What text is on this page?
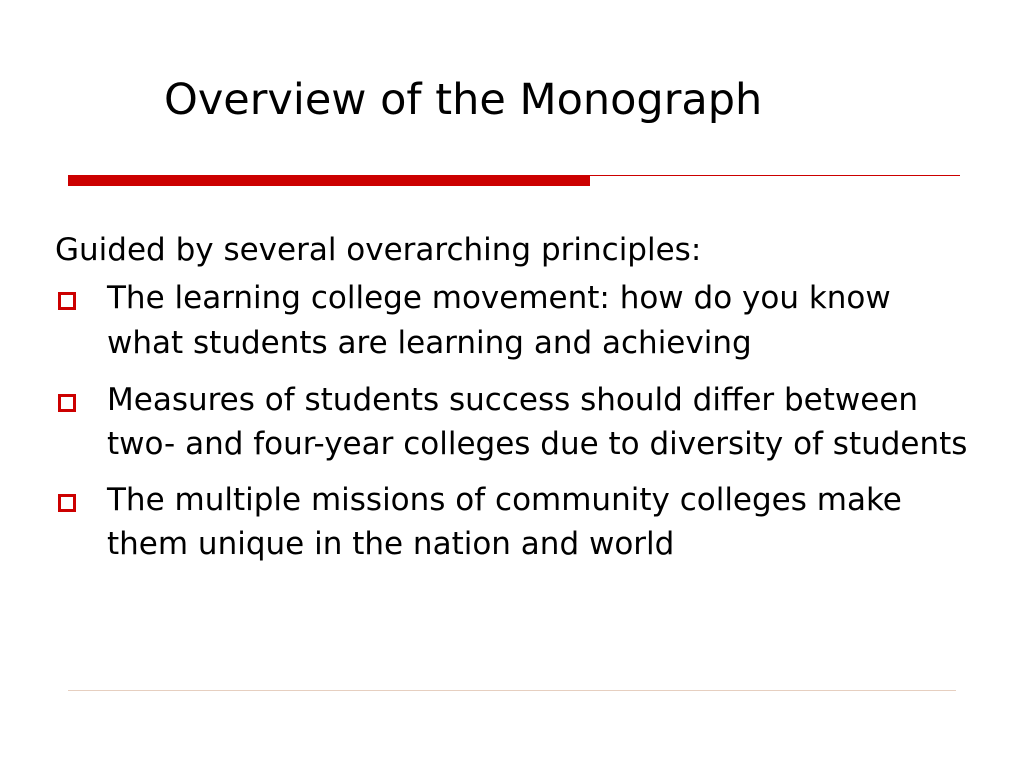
Overview of the Monograph

Guided by several overarching principles:

The learning college movement: how do you know what students are learning and achieving
Measures of students success should differ between two- and four-year colleges due to diversity of students
The multiple missions of community colleges make them unique in the nation and world
